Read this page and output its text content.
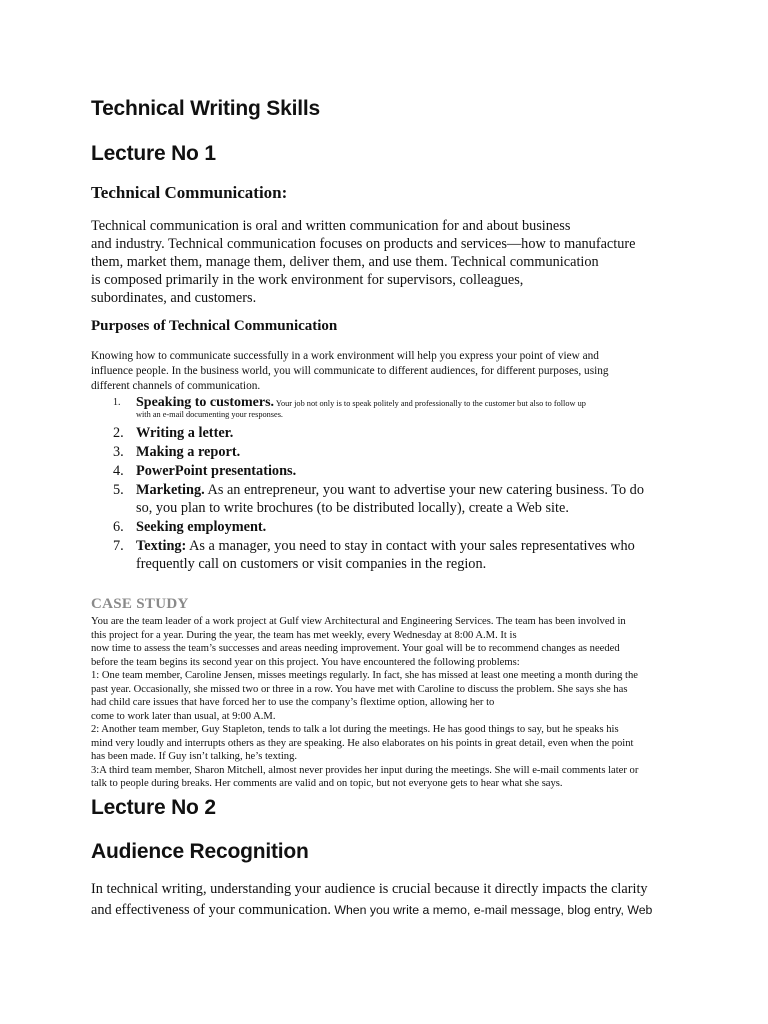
Technical Writing Skills
Lecture No 1
Technical Communication:

Technical communication is oral and written communication for and about business
and industry. Technical communication focuses on products and services—how to manufacture
them, market them, manage them, deliver them, and use them. Technical communication
is composed primarily in the work environment for supervisors, colleagues,
subordinates, and customers.

Purposes of Technical Communication

Knowing how to communicate successfully in a work environment will help you express your point of view and
influence people. In the business world, you will communicate to different audiences, for different purposes, using
different channels of communication.

1. Speaking to customers. Your job not only is to speak politely and professionally to the customer but also to follow up
with an e-mail documenting your responses.
2. Writing a letter.
3. Making a report.
4. PowerPoint presentations.
5. Marketing. As an entrepreneur, you want to advertise your new catering business. To do
so, you plan to write brochures (to be distributed locally), create a Web site.
6. Seeking employment.
7. Texting: As a manager, you need to stay in contact with your sales representatives who
frequently call on customers or visit companies in the region.
CASE STUDY

You are the team leader of a work project at Gulf view Architectural and Engineering Services. The team has been involved in
this project for a year. During the year, the team has met weekly, every Wednesday at 8:00 A.M. It is
now time to assess the team’s successes and areas needing improvement. Your goal will be to recommend changes as needed
before the team begins its second year on this project. You have encountered the following problems:
1: One team member, Caroline Jensen, misses meetings regularly. In fact, she has missed at least one meeting a month during the
past year. Occasionally, she missed two or three in a row. You have met with Caroline to discuss the problem. She says she has
had child care issues that have forced her to use the company’s flextime option, allowing her to
come to work later than usual, at 9:00 A.M.
2: Another team member, Guy Stapleton, tends to talk a lot during the meetings. He has good things to say, but he speaks his
mind very loudly and interrupts others as they are speaking. He also elaborates on his points in great detail, even when the point
has been made. If Guy isn’t talking, he’s texting.
3:A third team member, Sharon Mitchell, almost never provides her input during the meetings. She will e-mail comments later or
talk to people during breaks. Her comments are valid and on topic, but not everyone gets to hear what she says.

Lecture No 2
Audience Recognition

In technical writing, understanding your audience is crucial because it directly impacts the clarity
and effectiveness of your communication. When you write a memo, e-mail message, blog entry, Web
